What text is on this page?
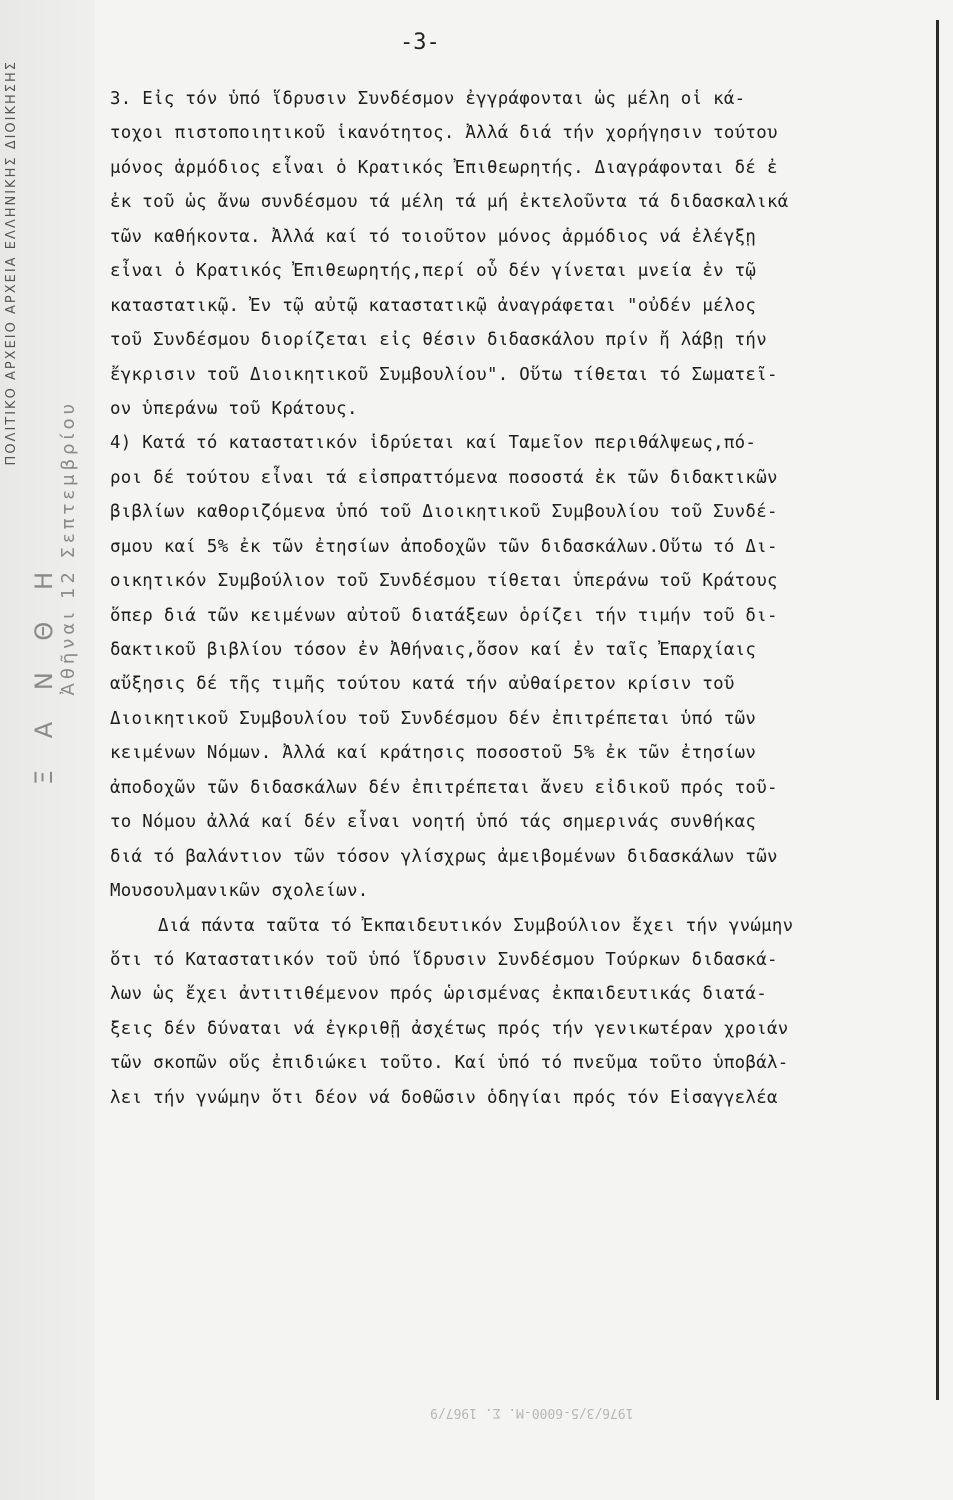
ΠΟΛΙΤΙΚΟ ΑΡΧΕΙΟ ΑΡΧΕΙΑ ΕΛΛΗΝΙΚΗΣ ΔΙΟΙΚΗΣΗΣ
Ξ Α Ν Θ Η Ἀθῆναι 12 Σεπτεμβρίου
-3-
3. Εἰς τόν ὑπό ἵδρυσιν Συνδέσμον ἐγγράφονται ὡς μέλη οἱ κά-
τοχοι πιστοποιητικοῦ ἱκανότητος. Ἀλλά διά τήν χορήγησιν τούτου
μόνος ἁρμόδιος εἶναι ὁ Κρατικός Ἐπιθεωρητής. Διαγράφονται δέ ἐ
ἐκ τοῦ ὡς ἄνω συνδέσμου τά μέλη τά μή ἐκτελοῦντα τά διδασκαλικά
τῶν καθήκοντα. Ἀλλά καί τό τοιοῦτον μόνος ἁρμόδιος νά ἐλέγξῃ
εἶναι ὁ Κρατικός Ἐπιθεωρητής,περί οὗ δέν γίνεται μνεία ἐν τῷ
καταστατικῷ. Ἐν τῷ αὐτῷ καταστατικῷ ἀναγράφεται "οὐδέν μέλος
τοῦ Συνδέσμου διορίζεται εἰς θέσιν διδασκάλου πρίν ἤ λάβῃ τήν
ἔγκρισιν τοῦ Διοικητικοῦ Συμβουλίου". Οὕτω τίθεται τό Σωματεῖ-
ον ὑπεράνω τοῦ Κράτους.
4) Κατά τό καταστατικόν ἱδρύεται καί Ταμεῖον περιθάλψεως,πό-
ροι δέ τούτου εἶναι τά εἰσπραττόμενα ποσοστά ἐκ τῶν διδακτικῶν
βιβλίων καθοριζόμενα ὑπό τοῦ Διοικητικοῦ Συμβουλίου τοῦ Συνδέ-
σμου καί 5% ἐκ τῶν ἐτησίων ἀποδοχῶν τῶν διδασκάλων.Οὕτω τό Δι-
οικητικόν Συμβούλιον τοῦ Συνδέσμου τίθεται ὑπεράνω τοῦ Κράτους
ὅπερ διά τῶν κειμένων αὐτοῦ διατάξεων ὁρίζει τήν τιμήν τοῦ δι-
δακτικοῦ βιβλίου τόσον ἐν Ἀθήναις,ὅσον καί ἐν ταῖς Ἐπαρχίαις
αὔξησις δέ τῆς τιμῆς τούτου κατά τήν αὐθαίρετον κρίσιν τοῦ
Διοικητικοῦ Συμβουλίου τοῦ Συνδέσμου δέν ἐπιτρέπεται ὑπό τῶν
κειμένων Νόμων. Ἀλλά καί κράτησις ποσοστοῦ 5% ἐκ τῶν ἐτησίων
ἀποδοχῶν τῶν διδασκάλων δέν ἐπιτρέπεται ἄνευ εἰδικοῦ πρός τοῦ-
το Νόμου ἀλλά καί δέν εἶναι νοητή ὑπό τάς σημερινάς συνθήκας
διά τό βαλάντιον τῶν τόσον γλίσχρως ἀμειβομένων διδασκάλων τῶν
Μουσουλμανικῶν σχολείων.
Διά πάντα ταῦτα τό Ἐκπαιδευτικόν Συμβούλιον ἔχει τήν γνώμην
ὅτι τό Καταστατικόν τοῦ ὑπό ἵδρυσιν Συνδέσμου Τούρκων διδασκά-
λων ὡς ἔχει ἀντιτιθέμενον πρός ὡρισμένας ἐκπαιδευτικάς διατά-
ξεις δέν δύναται νά ἐγκριθῇ ἀσχέτως πρός τήν γενικωτέραν χροιάν
τῶν σκοπῶν οὕς ἐπιδιώκει τοῦτο. Καί ὑπό τό πνεῦμα τοῦτο ὑποβάλ-
λει τήν γνώμην ὅτι δέον νά δοθῶσιν ὁδηγίαι πρός τόν Εἰσαγγελέα
1976/3/5-6000-Μ. Σ. 1967/9
